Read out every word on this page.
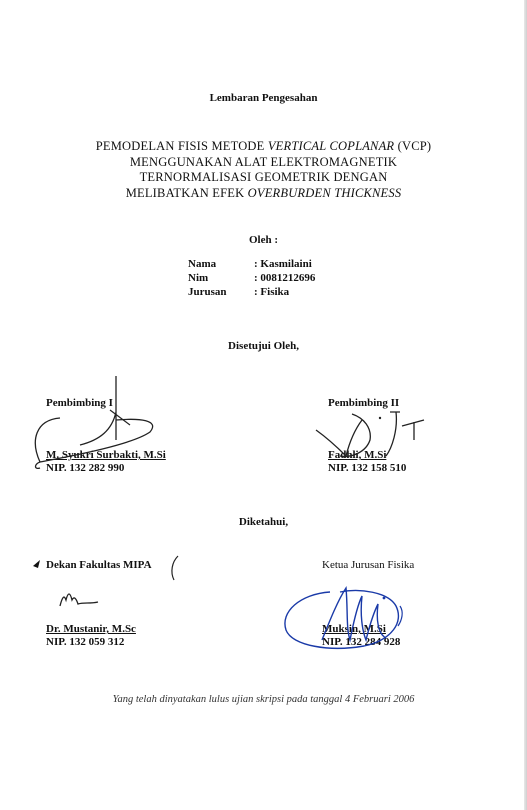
Lembaran Pengesahan
PEMODELAN FISIS METODE VERTICAL COPLANAR (VCP)
MENGGUNAKAN ALAT ELEKTROMAGNETIK
TERNORMALISASI GEOMETRIK DENGAN
MELIBATKAN EFEK OVERBURDEN THICKNESS
Oleh :
Nama	: Kasmilaini
Nim	: 0081212696
Jurusan	: Fisika
Disetujui Oleh,
Pembimbing I
M. Syukri Surbakti, M.Si
NIP. 132 282 990
Pembimbing II
Fadhli, M.Si
NIP. 132 158 510
Diketahui,
Dekan Fakultas MIPA
Dr. Mustanir, M.Sc
NIP. 132 059 312
Ketua Jurusan Fisika
Muksin, M.Si
NIP. 132 284 928
Yang telah dinyatakan lulus ujian skripsi pada tanggal 4 Februari 2006
